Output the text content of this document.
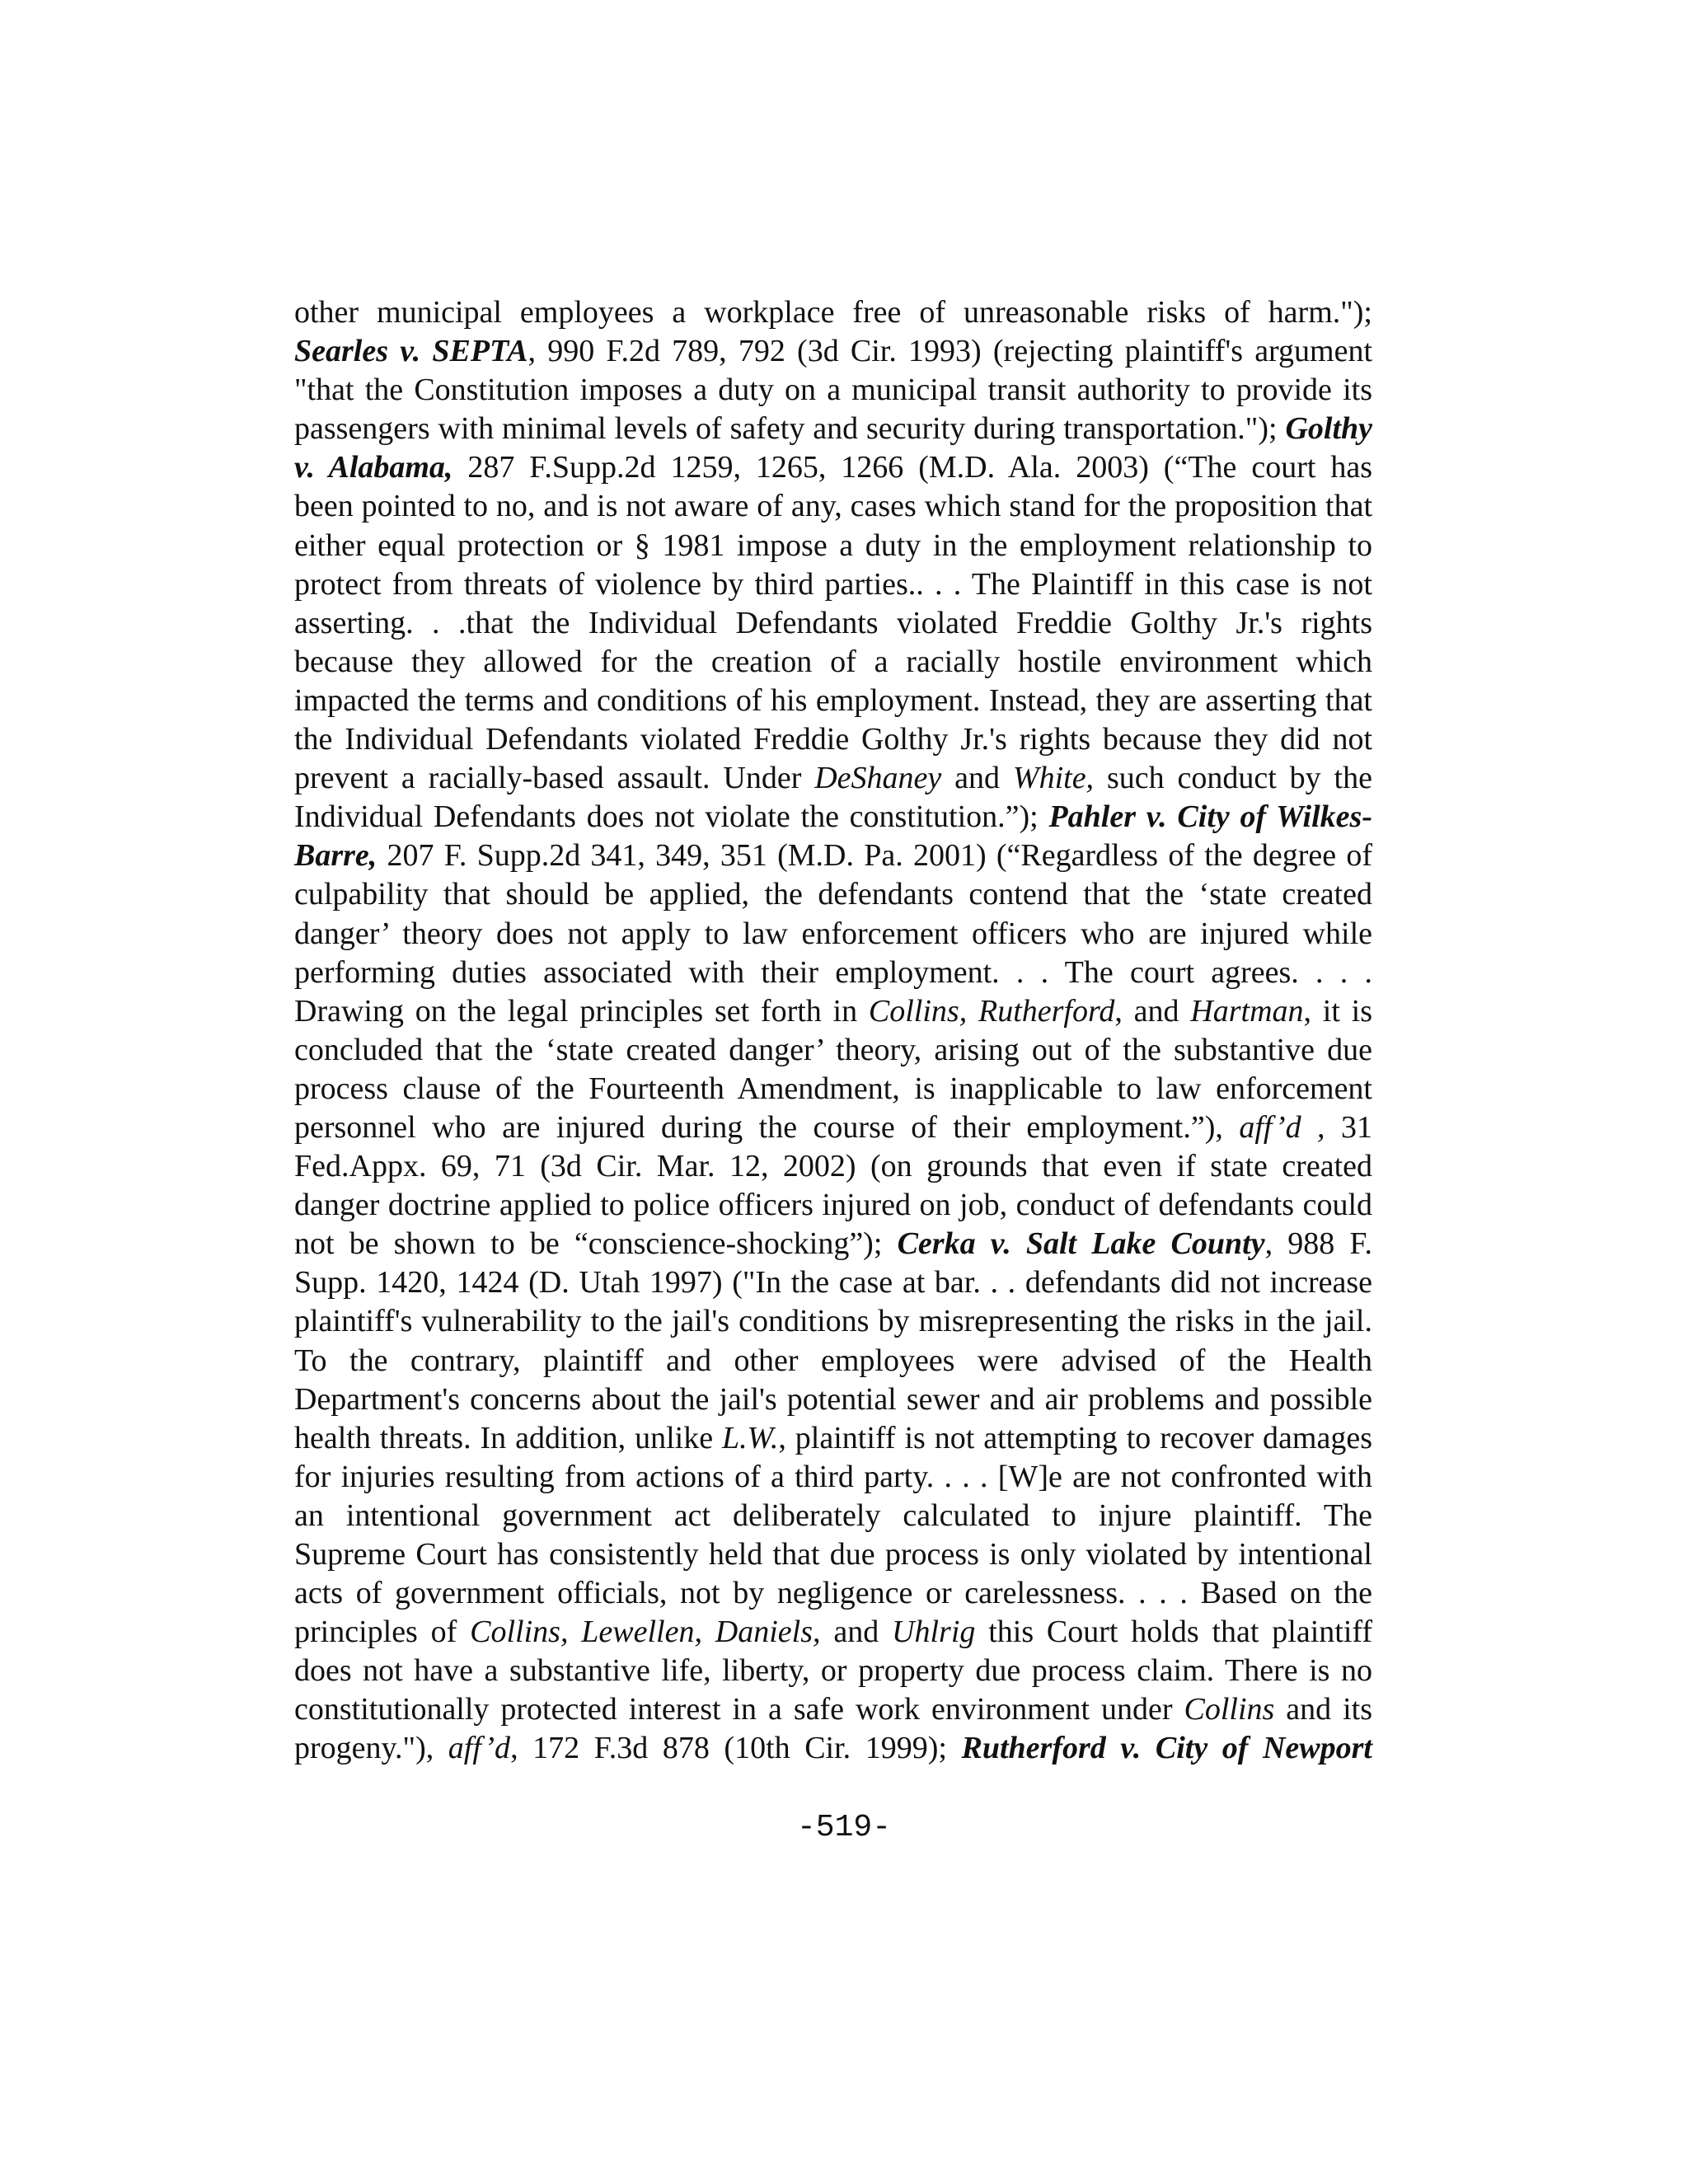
other municipal employees a workplace free of unreasonable risks of harm.");
Searles v. SEPTA, 990 F.2d 789, 792 (3d Cir. 1993) (rejecting plaintiff's argument
"that the Constitution imposes a duty on a municipal transit authority to provide its
passengers with minimal levels of safety and security during transportation."); Golthy
v. Alabama, 287 F.Supp.2d 1259, 1265, 1266 (M.D. Ala. 2003) (“The court has
been pointed to no, and is not aware of any, cases which stand for the proposition that
either equal protection or § 1981 impose a duty in the employment relationship to
protect from threats of violence by third parties.. . . The Plaintiff in this case is not
asserting. . .that the Individual Defendants violated Freddie Golthy Jr.'s rights
because they allowed for the creation of a racially hostile environment which
impacted the terms and conditions of his employment. Instead, they are asserting that
the Individual Defendants violated Freddie Golthy Jr.'s rights because they did not
prevent a racially-based assault. Under DeShaney and White, such conduct by the
Individual Defendants does not violate the constitution.”); Pahler v. City of Wilkes-
Barre, 207 F. Supp.2d 341, 349, 351 (M.D. Pa. 2001) (“Regardless of the degree of
culpability that should be applied, the defendants contend that the ‘state created
danger’ theory does not apply to law enforcement officers who are injured while
performing duties associated with their employment. . . The court agrees. . . .
Drawing on the legal principles set forth in Collins, Rutherford, and Hartman, it is
concluded that the ‘state created danger’ theory, arising out of the substantive due
process clause of the Fourteenth Amendment, is inapplicable to law enforcement
personnel who are injured during the course of their employment.”), aff’d , 31
Fed.Appx. 69, 71 (3d Cir. Mar. 12, 2002) (on grounds that even if state created
danger doctrine applied to police officers injured on job, conduct of defendants could
not be shown to be “conscience-shocking”); Cerka v. Salt Lake County, 988 F.
Supp. 1420, 1424 (D. Utah 1997) ("In the case at bar. . . defendants did not increase
plaintiff's vulnerability to the jail's conditions by misrepresenting the risks in the jail.
To the contrary, plaintiff and other employees were advised of the Health
Department's concerns about the jail's potential sewer and air problems and possible
health threats. In addition, unlike L.W., plaintiff is not attempting to recover damages
for injuries resulting from actions of a third party. . . . [W]e are not confronted with
an intentional government act deliberately calculated to injure plaintiff. The
Supreme Court has consistently held that due process is only violated by intentional
acts of government officials, not by negligence or carelessness. . . . Based on the
principles of Collins, Lewellen, Daniels, and Uhlrig this Court holds that plaintiff
does not have a substantive life, liberty, or property due process claim. There is no
constitutionally protected interest in a safe work environment under Collins and its
progeny."), aff’d, 172 F.3d 878 (10th Cir. 1999); Rutherford v. City of Newport
-519-
